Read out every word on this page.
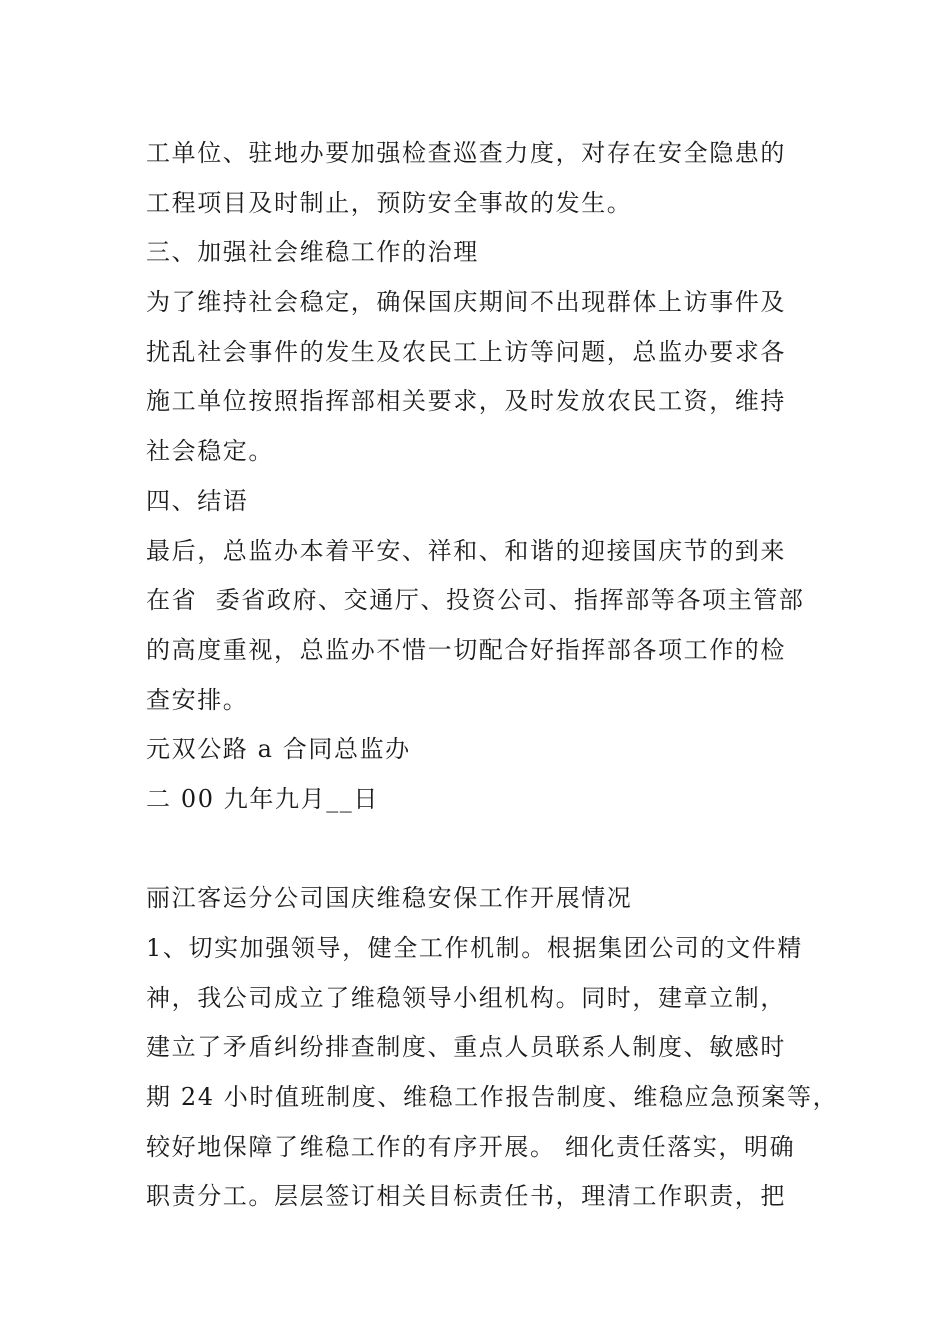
工单位、驻地办要加强检查巡查力度，对存在安全隐患的
工程项目及时制止，预防安全事故的发生。
三、加强社会维稳工作的治理
为了维持社会稳定，确保国庆期间不出现群体上访事件及
扰乱社会事件的发生及农民工上访等问题，总监办要求各
施工单位按照指挥部相关要求，及时发放农民工资，维持
社会稳定。
四、结语
最后，总监办本着平安、祥和、和谐的迎接国庆节的到来
在省  委省政府、交通厅、投资公司、指挥部等各项主管部
的高度重视，总监办不惜一切配合好指挥部各项工作的检
查安排。
元双公路 a 合同总监办
二 00 九年九月__日
丽江客运分公司国庆维稳安保工作开展情况
1、切实加强领导，健全工作机制。根据集团公司的文件精
神，我公司成立了维稳领导小组机构。同时，建章立制，
建立了矛盾纠纷排查制度、重点人员联系人制度、敏感时
期 24 小时值班制度、维稳工作报告制度、维稳应急预案等，
较好地保障了维稳工作的有序开展。 细化责任落实，明确
职责分工。层层签订相关目标责任书，理清工作职责，把
